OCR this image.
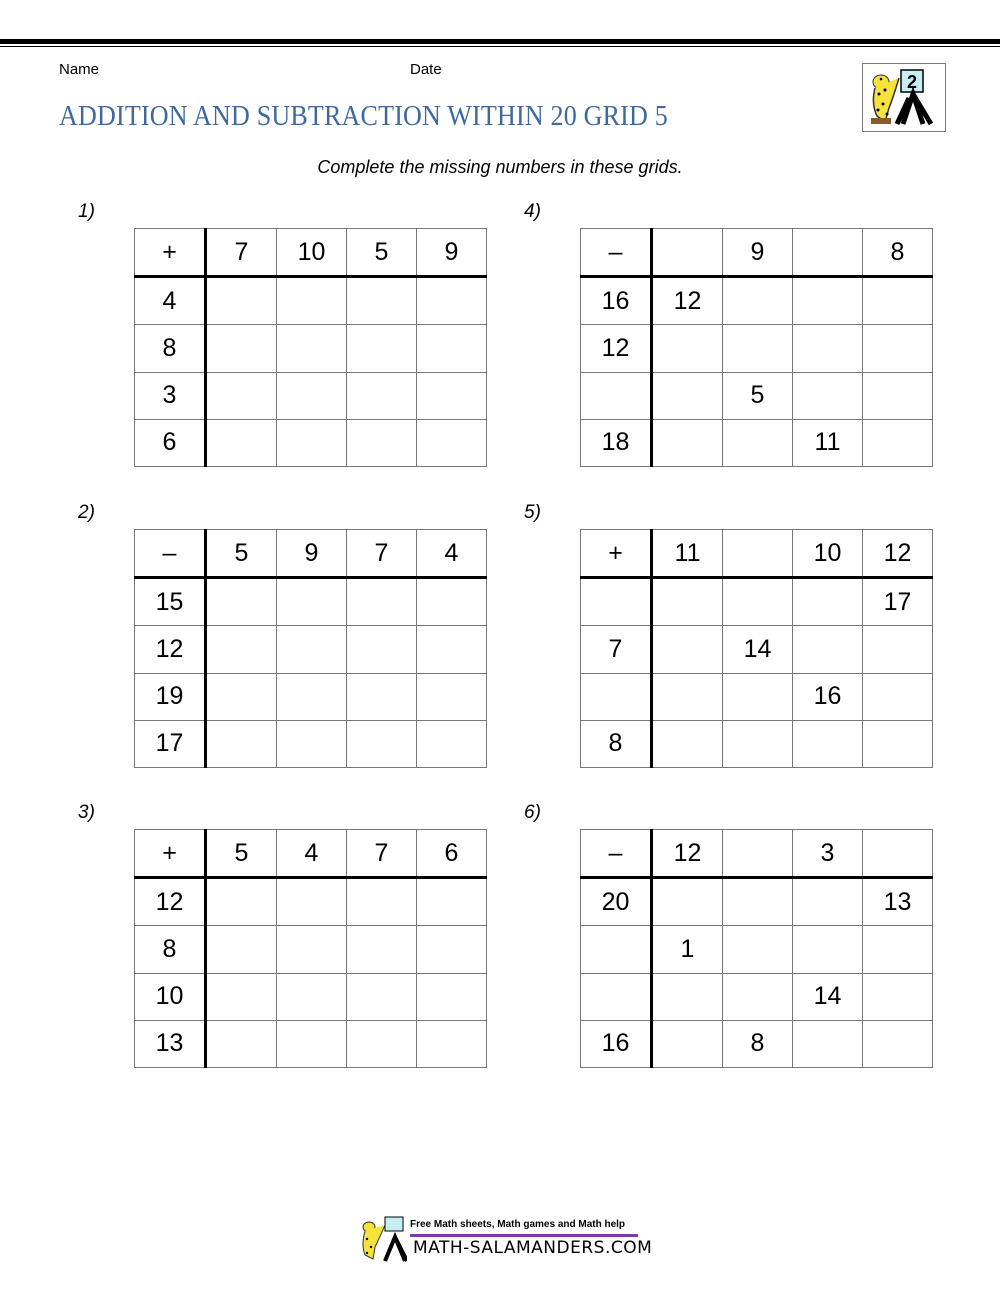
Name	Date
ADDITION AND SUBTRACTION WITHIN 20 GRID 5
2
Complete the missing numbers in these grids.
1)
2)
3)
4)
5)
6)
+	7	10	5	9
4				
8				
3				
6				
–	5	9	7	4
15				
12				
19				
17				
+	5	4	7	6
12				
8				
10				
13				
–		9		8
16	12			
12				
		5		
18			11	
+	11		10	12
				17
7		14		
			16	
8				
–	12		3	
20				13
	1			
			14	
16		8		
Free Math sheets, Math games and Math help
MATH-SALAMANDERS.COM
